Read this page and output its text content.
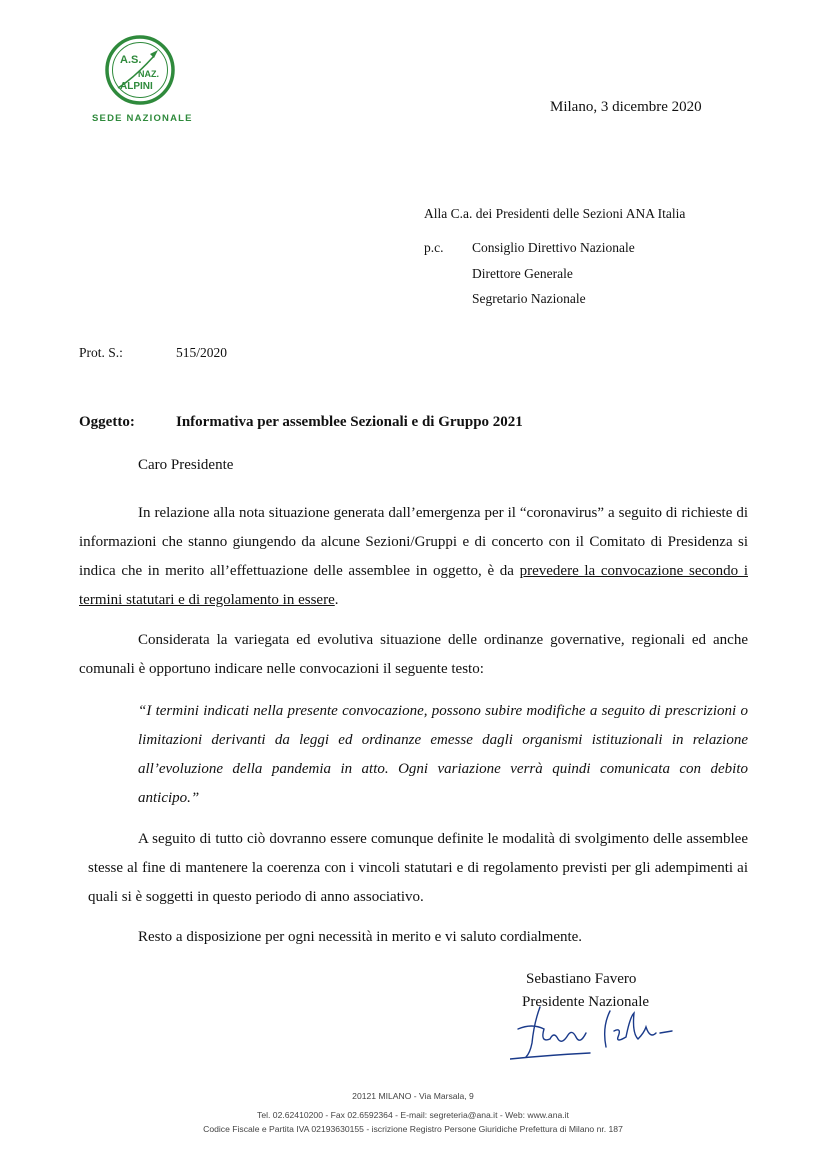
A.S.
NAZ.
ALPINI
SEDE NAZIONALE
Milano, 3 dicembre 2020
Alla C.a. dei Presidenti delle Sezioni ANA Italia
p.c. Consiglio Direttivo Nazionale
Direttore Generale
Segretario Nazionale
Prot. S.:	515/2020
Oggetto:	Informativa per assemblee Sezionali e di Gruppo 2021
Caro Presidente
In relazione alla nota situazione generata dall’emergenza per il “coronavirus” a seguito di richieste di informazioni che stanno giungendo da alcune Sezioni/Gruppi e di concerto con il Comitato di Presidenza si indica che in merito all’effettuazione delle assemblee in oggetto, è da prevedere la convocazione secondo i termini statutari e di regolamento in essere.
Considerata la variegata ed evolutiva situazione delle ordinanze governative, regionali ed anche comunali è opportuno indicare nelle convocazioni il seguente testo:
“I termini indicati nella presente convocazione, possono subire modifiche a seguito di prescrizioni o limitazioni derivanti da leggi ed ordinanze emesse dagli organismi istituzionali in relazione all’evoluzione della pandemia in atto. Ogni variazione verrà quindi comunicata con debito anticipo.”
A seguito di tutto ciò dovranno essere comunque definite le modalità di svolgimento delle assemblee stesse al fine di mantenere la coerenza con i vincoli statutari e di regolamento previsti per gli adempimenti ai quali si è soggetti in questo periodo di anno associativo.
Resto a disposizione per ogni necessità in merito e vi saluto cordialmente.
Sebastiano Favero
Presidente Nazionale
20121 MILANO - Via Marsala, 9
Tel. 02.62410200 - Fax 02.6592364 - E-mail: segreteria@ana.it - Web: www.ana.it
Codice Fiscale e Partita IVA 02193630155 - iscrizione Registro Persone Giuridiche Prefettura di Milano nr. 187
